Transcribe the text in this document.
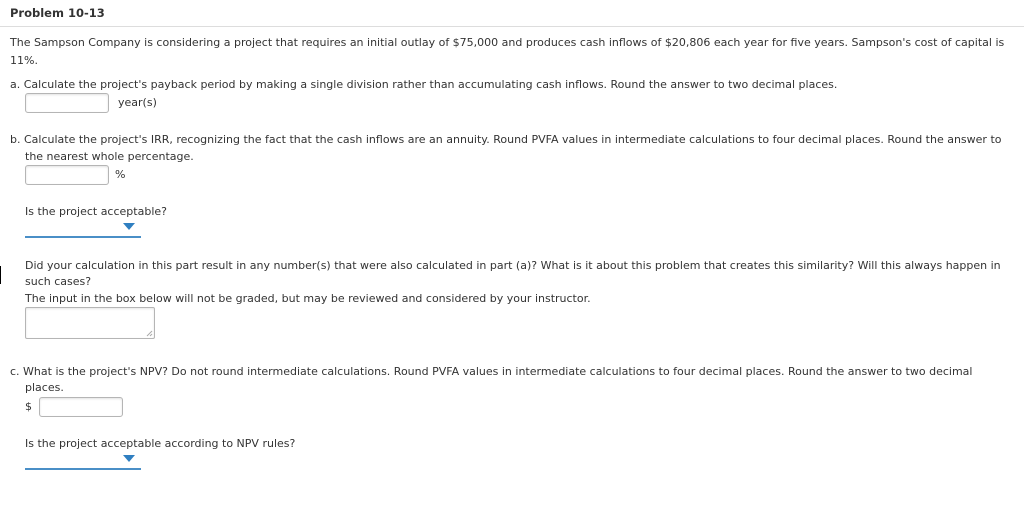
Problem 10-13
The Sampson Company is considering a project that requires an initial outlay of $75,000 and produces cash inflows of $20,806 each year for five years. Sampson's cost of capital is
11%.
a. Calculate the project's payback period by making a single division rather than accumulating cash inflows. Round the answer to two decimal places.
year(s)
b. Calculate the project's IRR, recognizing the fact that the cash inflows are an annuity. Round PVFA values in intermediate calculations to four decimal places. Round the answer to
the nearest whole percentage.
%
Is the project acceptable?
Did your calculation in this part result in any number(s) that were also calculated in part (a)? What is it about this problem that creates this similarity? Will this always happen in
such cases?
The input in the box below will not be graded, but may be reviewed and considered by your instructor.
c. What is the project's NPV? Do not round intermediate calculations. Round PVFA values in intermediate calculations to four decimal places. Round the answer to two decimal
places.
$
Is the project acceptable according to NPV rules?
